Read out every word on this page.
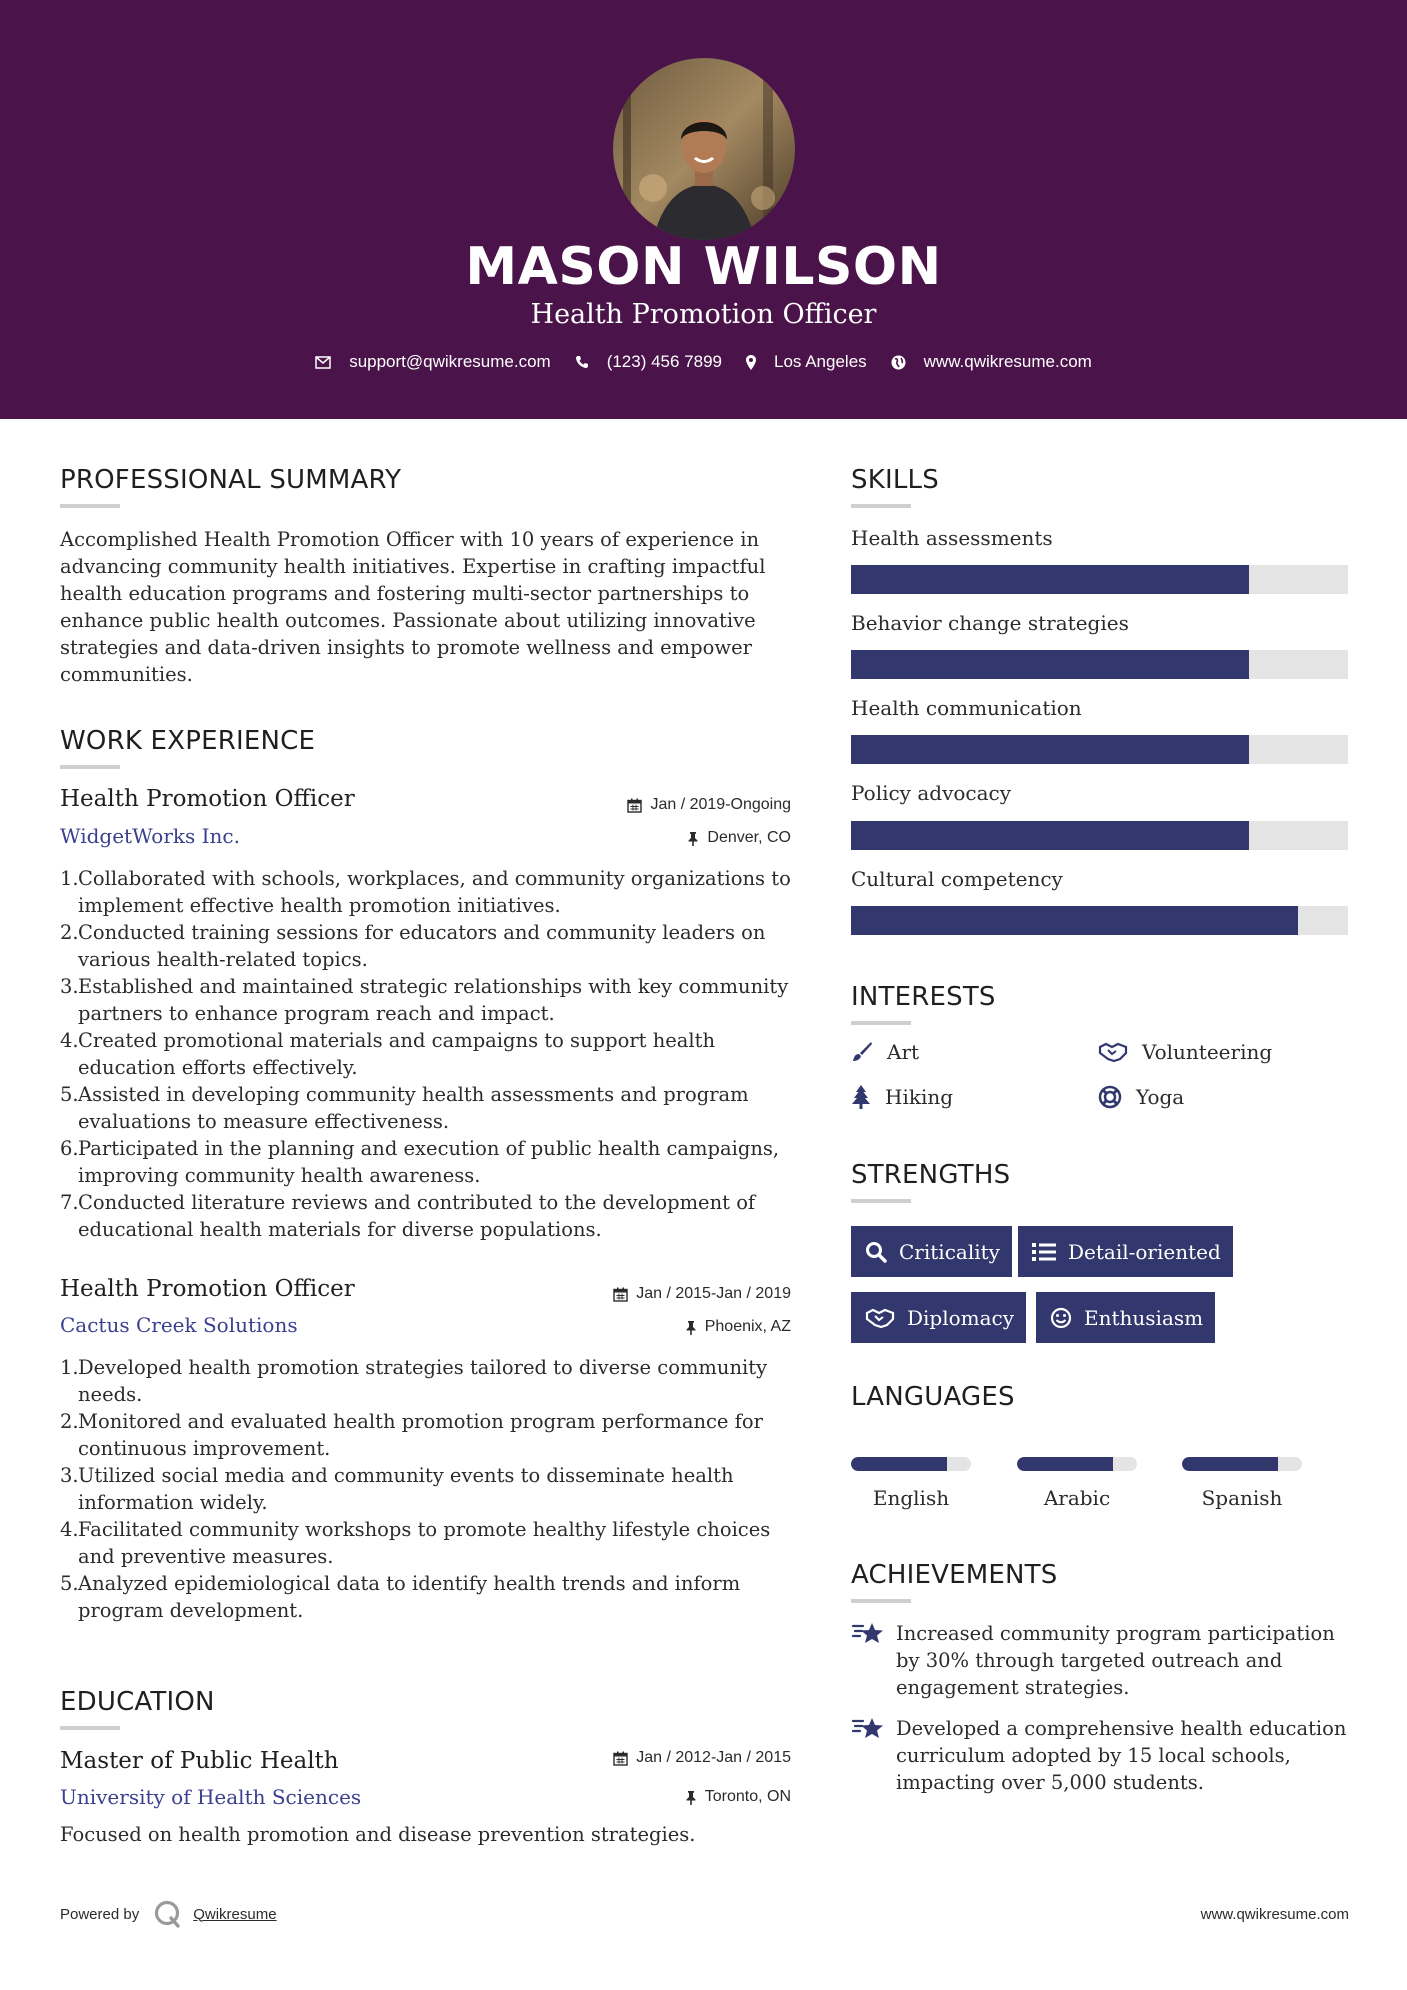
MASON WILSON
Health Promotion Officer
support@qwikresume.com	(123) 456 7899	Los Angeles	www.qwikresume.com
PROFESSIONAL SUMMARY
Accomplished Health Promotion Officer with 10 years of experience in advancing community health initiatives. Expertise in crafting impactful health education programs and fostering multi-sector partnerships to enhance public health outcomes. Passionate about utilizing innovative strategies and data-driven insights to promote wellness and empower communities.
WORK EXPERIENCE
Health Promotion Officer	Jan / 2019-Ongoing
WidgetWorks Inc.	Denver, CO
1. Collaborated with schools, workplaces, and community organizations to implement effective health promotion initiatives.
2. Conducted training sessions for educators and community leaders on various health-related topics.
3. Established and maintained strategic relationships with key community partners to enhance program reach and impact.
4. Created promotional materials and campaigns to support health education efforts effectively.
5. Assisted in developing community health assessments and program evaluations to measure effectiveness.
6. Participated in the planning and execution of public health campaigns, improving community health awareness.
7. Conducted literature reviews and contributed to the development of educational health materials for diverse populations.
Health Promotion Officer	Jan / 2015-Jan / 2019
Cactus Creek Solutions	Phoenix, AZ
1. Developed health promotion strategies tailored to diverse community needs.
2. Monitored and evaluated health promotion program performance for continuous improvement.
3. Utilized social media and community events to disseminate health information widely.
4. Facilitated community workshops to promote healthy lifestyle choices and preventive measures.
5. Analyzed epidemiological data to identify health trends and inform program development.
EDUCATION
Master of Public Health	Jan / 2012-Jan / 2015
University of Health Sciences	Toronto, ON
Focused on health promotion and disease prevention strategies.
SKILLS
Health assessments
Behavior change strategies
Health communication
Policy advocacy
Cultural competency
INTERESTS
Art	Volunteering
Hiking	Yoga
STRENGTHS
Criticality	Detail-oriented
Diplomacy	Enthusiasm
LANGUAGES
English	Arabic	Spanish
ACHIEVEMENTS

Increased community program participation by 30% through targeted outreach and engagement strategies.

Developed a comprehensive health education curriculum adopted by 15 local schools, impacting over 5,000 students.

Powered by	Qwikresume	www.qwikresume.com
